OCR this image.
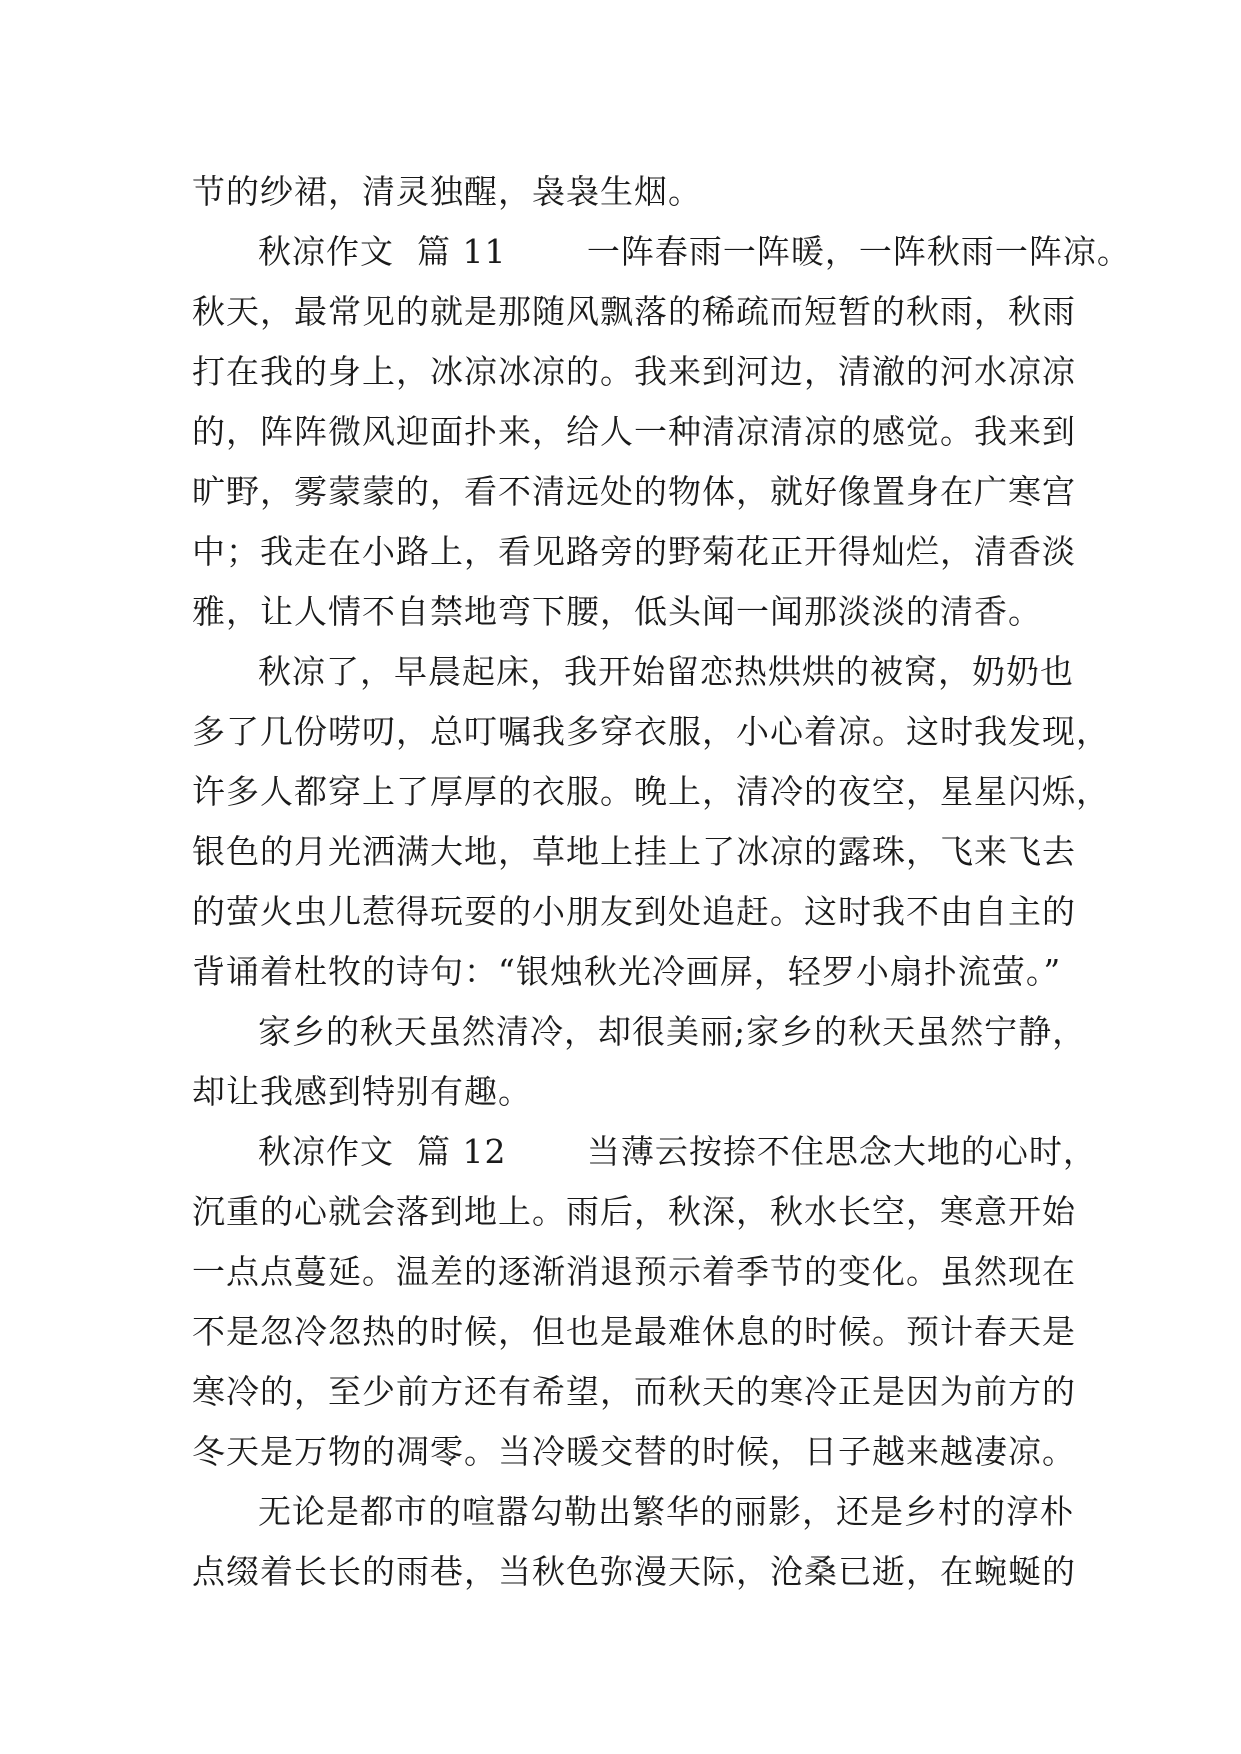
节的纱裙，清灵独醒，袅袅生烟。
秋凉作文  篇 11       一阵春雨一阵暖，一阵秋雨一阵凉。
秋天，最常见的就是那随风飘落的稀疏而短暂的秋雨，秋雨
打在我的身上，冰凉冰凉的。我来到河边，清澈的河水凉凉
的，阵阵微风迎面扑来，给人一种清凉清凉的感觉。我来到
旷野，雾蒙蒙的，看不清远处的物体，就好像置身在广寒宫
中；我走在小路上，看见路旁的野菊花正开得灿烂，清香淡
雅，让人情不自禁地弯下腰，低头闻一闻那淡淡的清香。
秋凉了，早晨起床，我开始留恋热烘烘的被窝，奶奶也
多了几份唠叨，总叮嘱我多穿衣服，小心着凉。这时我发现，
许多人都穿上了厚厚的衣服。晚上，清冷的夜空，星星闪烁，
银色的月光洒满大地，草地上挂上了冰凉的露珠，飞来飞去
的萤火虫儿惹得玩耍的小朋友到处追赶。这时我不由自主的
背诵着杜牧的诗句：“银烛秋光冷画屏，轻罗小扇扑流萤。”
家乡的秋天虽然清冷，却很美丽;家乡的秋天虽然宁静，
却让我感到特别有趣。
秋凉作文  篇 12       当薄云按捺不住思念大地的心时，
沉重的心就会落到地上。雨后，秋深，秋水长空，寒意开始
一点点蔓延。温差的逐渐消退预示着季节的变化。虽然现在
不是忽冷忽热的时候，但也是最难休息的时候。预计春天是
寒冷的，至少前方还有希望，而秋天的寒冷正是因为前方的
冬天是万物的凋零。当冷暖交替的时候，日子越来越凄凉。
无论是都市的喧嚣勾勒出繁华的丽影，还是乡村的淳朴
点缀着长长的雨巷，当秋色弥漫天际，沧桑已逝，在蜿蜒的
